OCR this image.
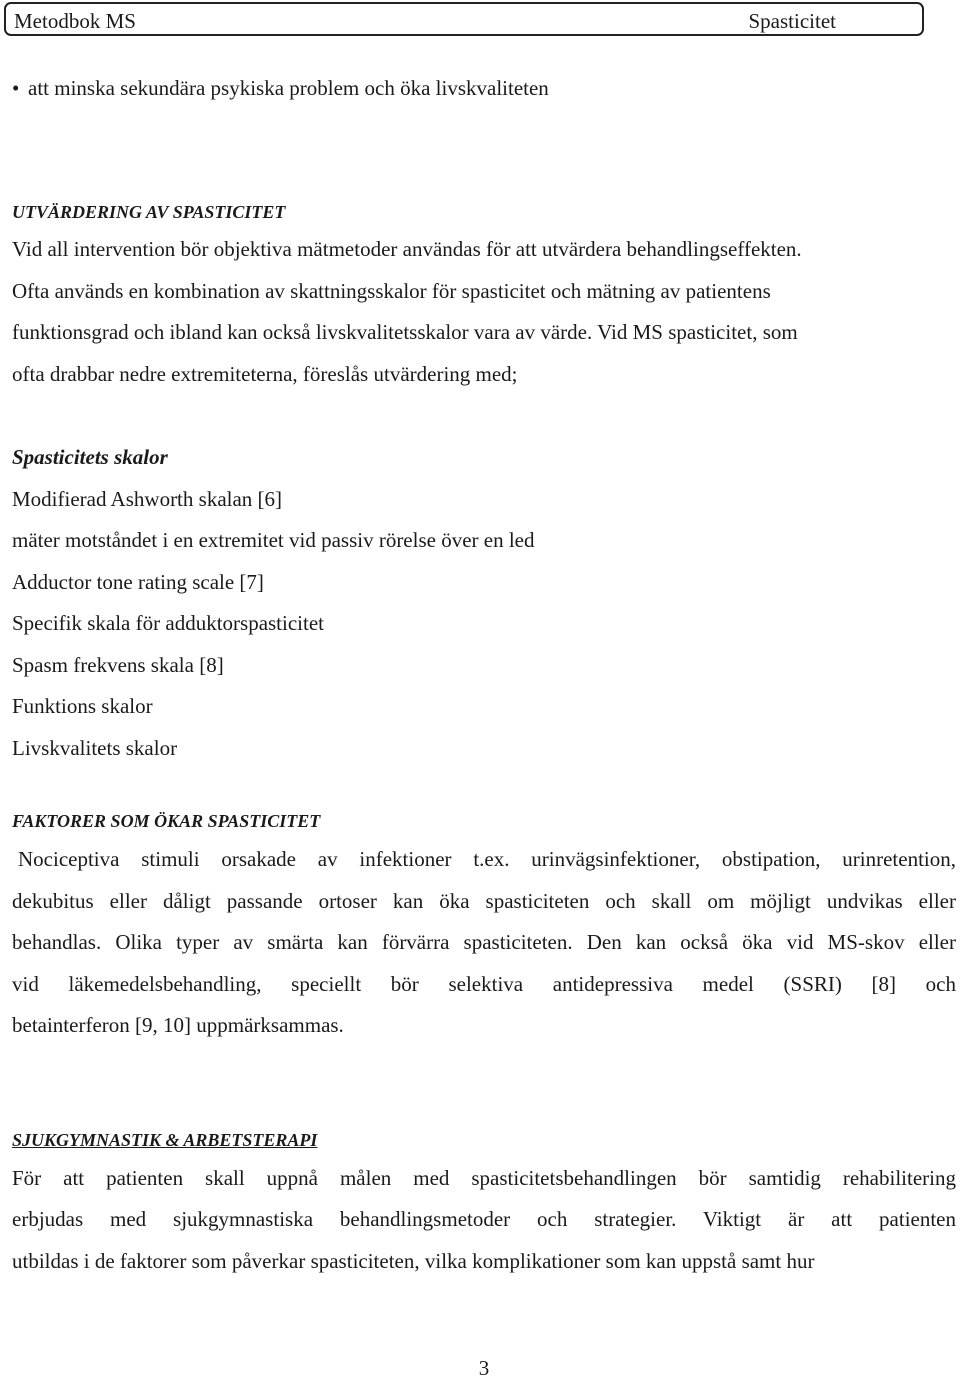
Metodbok MS	Spasticitet
• att minska sekundära psykiska problem och öka livskvaliteten
UTVÄRDERING AV SPASTICITET
Vid all intervention bör objektiva mätmetoder användas för att utvärdera behandlingseffekten.
Ofta används en kombination av skattningsskalor för spasticitet och mätning av patientens
funktionsgrad och ibland kan också livskvalitetsskalor vara av värde. Vid MS spasticitet, som
ofta drabbar nedre extremiteterna, föreslås utvärdering med;
Spasticitets skalor
Modifierad Ashworth skalan [6]
mäter motståndet i en extremitet vid passiv rörelse över en led
Adductor tone rating scale [7]
Specifik skala för adduktorspasticitet
Spasm frekvens skala [8]
Funktions skalor
Livskvalitets skalor
FAKTORER SOM ÖKAR SPASTICITET
Nociceptiva stimuli orsakade av infektioner t.ex. urinvägsinfektioner, obstipation, urinretention,
dekubitus eller dåligt passande ortoser kan öka spasticiteten och skall om möjligt undvikas eller
behandlas. Olika typer av smärta kan förvärra spasticiteten. Den kan också öka vid MS-skov eller
vid läkemedelsbehandling, speciellt bör selektiva antidepressiva medel (SSRI) [8] och
betainterferon [9, 10] uppmärksammas.
SJUKGYMNASTIK & ARBETSTERAPI
För att patienten skall uppnå målen med spasticitetsbehandlingen bör samtidig rehabilitering
erbjudas med sjukgymnastiska behandlingsmetoder och strategier. Viktigt är att patienten
utbildas i de faktorer som påverkar spasticiteten, vilka komplikationer som kan uppstå samt hur
3
